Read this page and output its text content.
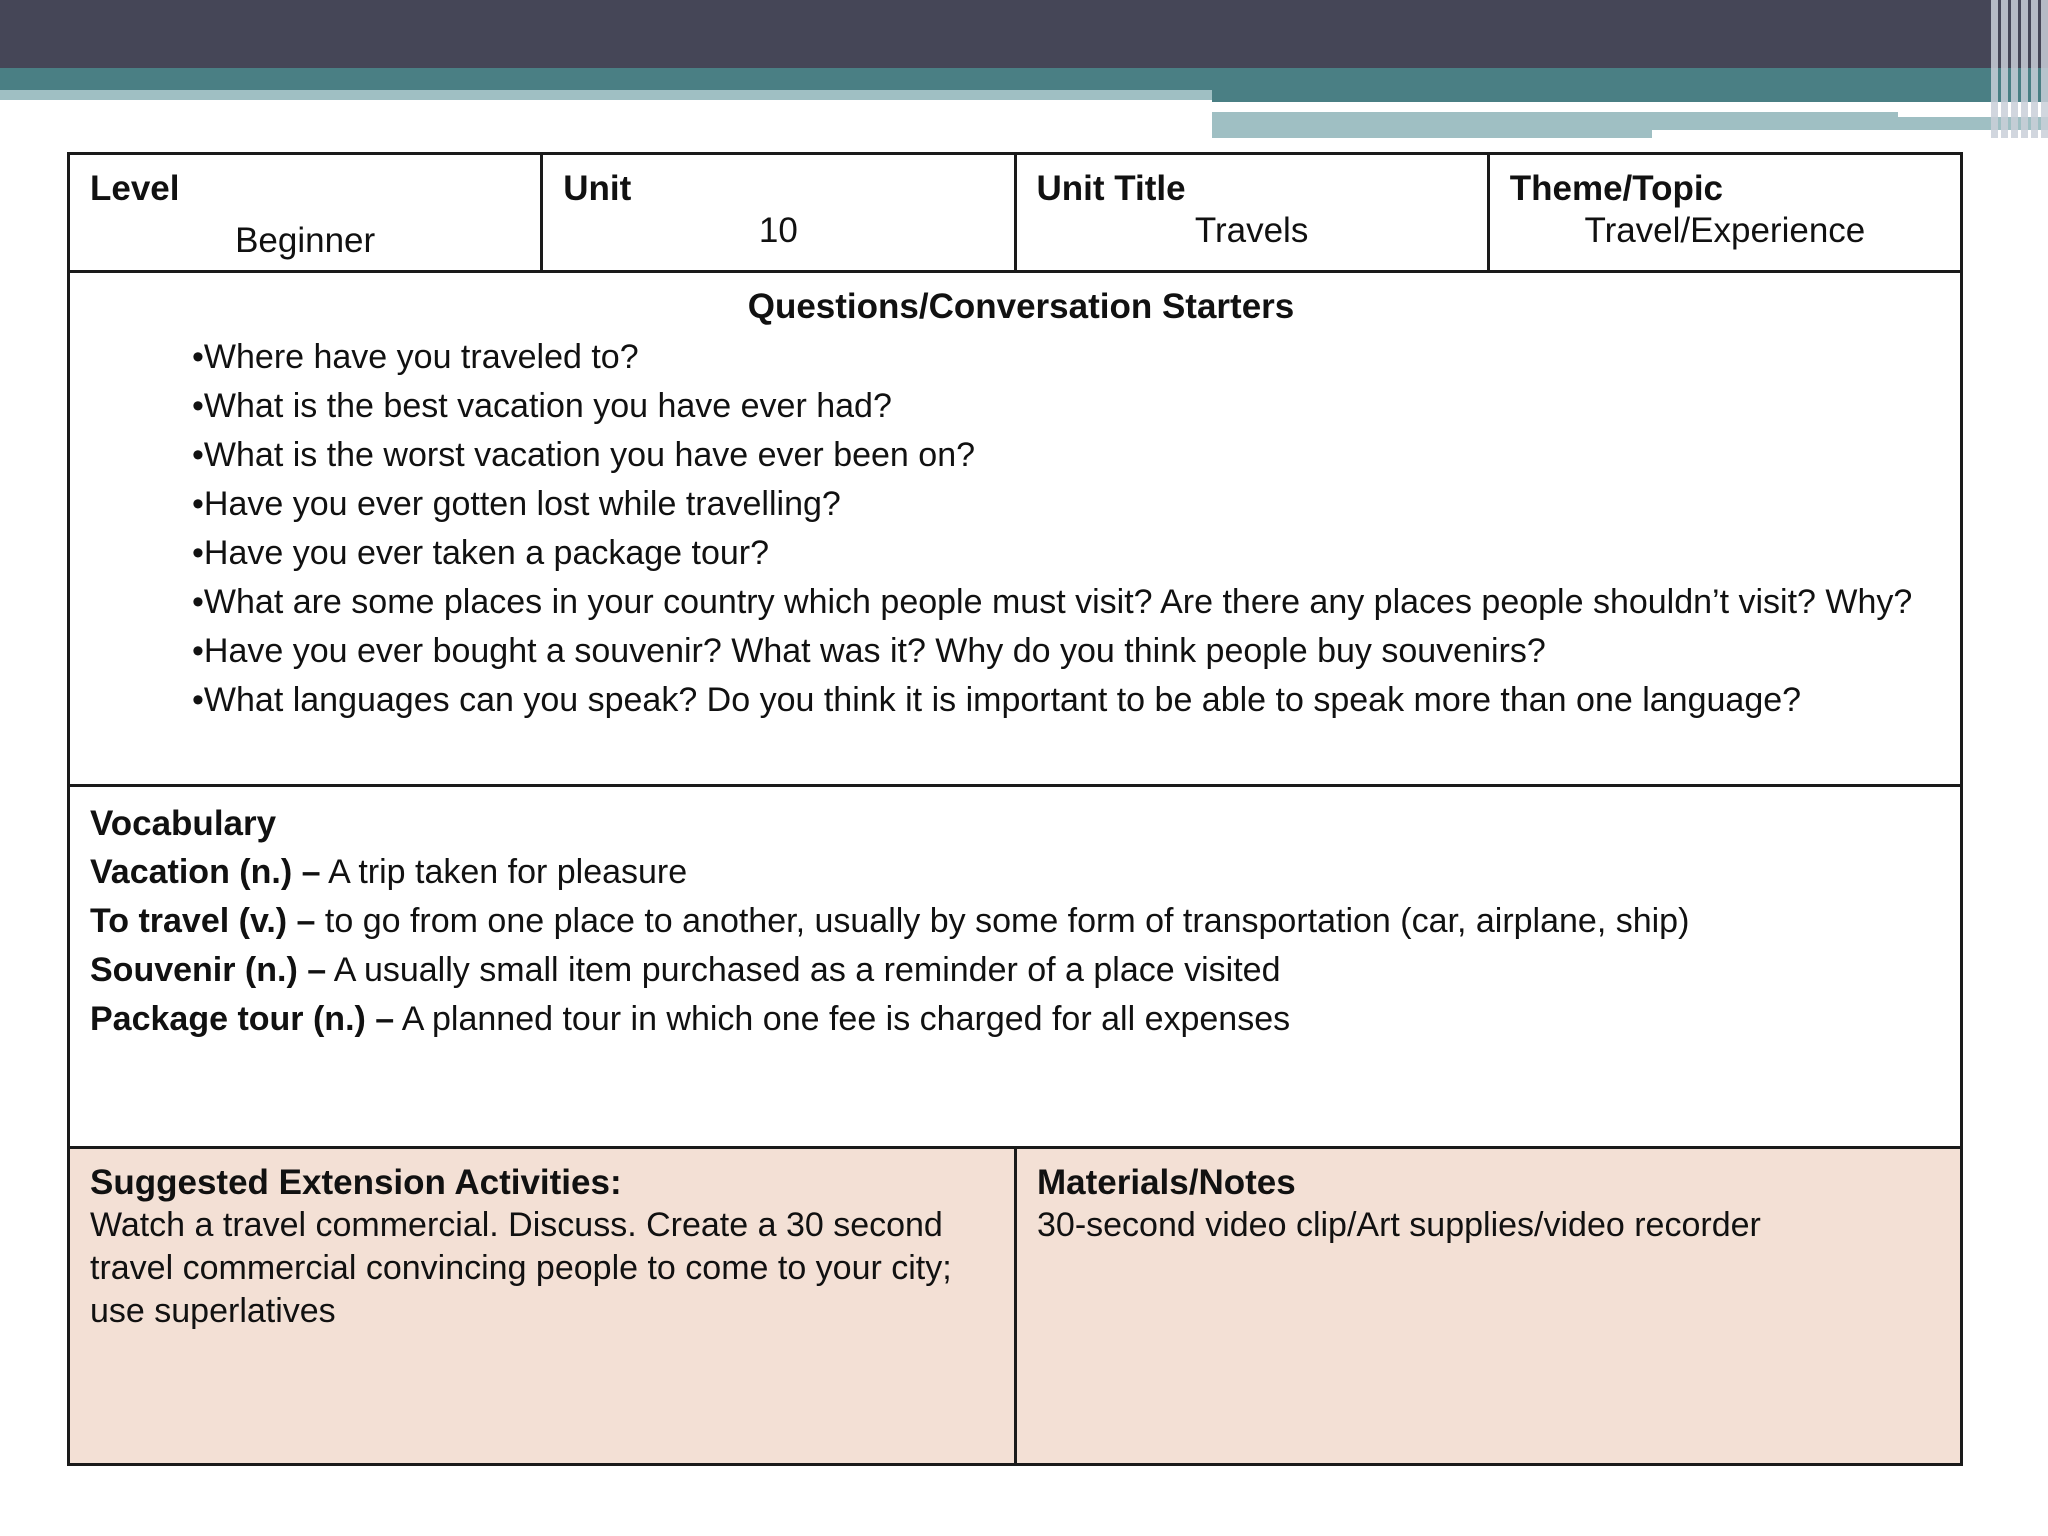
Level
Beginner
Unit
10
Unit Title
Travels
Theme/Topic
Travel/Experience
Questions/Conversation Starters
•Where have you traveled to?
•What is the best vacation you have ever had?
•What is the worst vacation you have ever been on?
•Have you ever gotten lost while travelling?
•Have you ever taken a package tour?
•What are some places in your country which people must visit? Are there any places people shouldn’t visit? Why?
•Have you ever bought a souvenir? What was it? Why do you think people buy souvenirs?
•What languages can you speak? Do you think it is important to be able to speak more than one language?
Vocabulary
Vacation (n.) – A trip taken for pleasure
To travel (v.) – to go from one place to another, usually by some form of transportation (car, airplane, ship)
Souvenir (n.) – A usually small item purchased as a reminder of a place visited
Package tour (n.) – A planned tour in which one fee is charged for all expenses
Suggested Extension Activities:
Watch a travel commercial. Discuss. Create a 30 second travel commercial convincing people to come to your city; use superlatives
Materials/Notes
30-second video clip/Art supplies/video recorder
